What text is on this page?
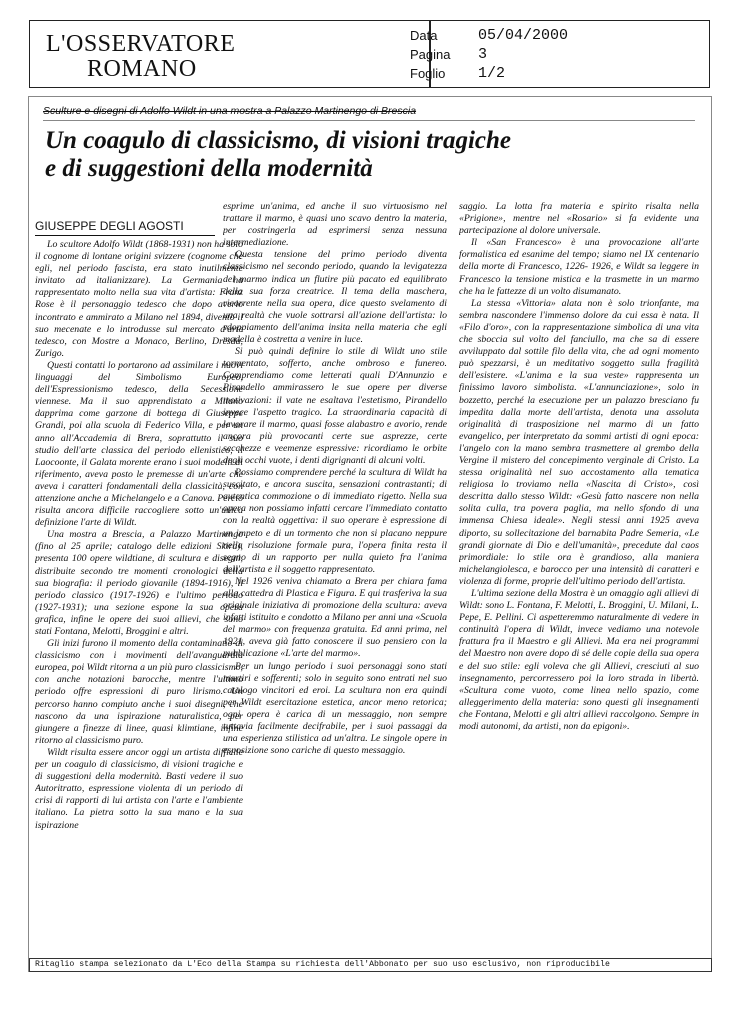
L'OSSERVATORE
ROMANO
Data	05/04/2000
Pagina 3
Foglio 1/2
Sculture e disegni di Adolfo Wildt in una mostra a Palazzo Martinengo di Brescia
Un coagulo di classicismo, di visioni tragiche
e di suggestioni della modernità
GIUSEPPE DEGLI AGOSTI

Lo scultore Adolfo Wildt (1868-1931) non ha solo il cognome di lontane origini svizzere (cognome che egli, nel periodo fascista, era stato inutilmente invitato ad italianizzare). La Germania ha rappresentato molto nella sua vita d'artista: Franz Rose è il personaggio tedesco che dopo averlo incontrato e ammirato a Milano nel 1894, diventò il suo mecenate e lo introdusse sul mercato d'arte tedesco, con Mostre a Monaco, Berlino, Dresda, Zurigo.

Questi contatti lo portarono ad assimilare i nuovi linguaggi del Simbolismo Europeo, dell'Espressionismo tedesco, della Secessione viennese. Ma il suo apprendistato a Milano dapprima come garzone di bottega di Giuseppe Grandi, poi alla scuola di Federico Villa, e per un anno all'Accademia di Brera, soprattutto il suo studio dell'arte classica del periodo ellenistico, il Laocoonte, il Galata morente erano i suoi modelli di riferimento, aveva posto le premesse di un'arte che aveva i caratteri fondamentali della classicità, con attenzione anche a Michelangelo e a Canova. Perciò risulta ancora difficile raccogliere sotto un'unica definizione l'arte di Wildt.

Una mostra a Brescia, a Palazzo Martinengo (fino al 25 aprile; catalogo delle edizioni Skira), presenta 100 opere wildtiane, di scultura e disegni, distribuite secondo tre momenti cronologici della sua biografia: il periodo giovanile (1894-1916), il periodo classico (1917-1926) e l'ultimo periodo (1927-1931); una sezione espone la sua opera grafica, infine le opere dei suoi allievi, che sono stati Fontana, Melotti, Broggini e altri.

Gli inizi furono il momento della contaminatio di classicismo con i movimenti dell'avanguardia europea, poi Wildt ritorna a un più puro classicismo, con anche notazioni barocche, mentre l'ultimo periodo offre espressioni di puro lirismo. Un percorso hanno compiuto anche i suoi disegni, che nascono da una ispirazione naturalistica, per giungere a finezze di linee, quasi klimtiane, infine ritorno al classicismo puro.

Wildt risulta essere ancor oggi un artista difficile per un coagulo di classicismo, di visioni tragiche e di suggestioni della modernità. Basti vedere il suo Autoritratto, espressione violenta di un periodo di crisi di rapporti di lui artista con l'arte e l'ambiente italiano. La pietra sotto la sua mano e la sua ispirazione

esprime un'anima, ed anche il suo virtuosismo nel trattare il marmo, è quasi uno scavo dentro la materia, per costringerla ad esprimersi senza nessuna intermediazione.

Questa tensione del primo periodo diventa classicismo nel secondo periodo, quando la levigatezza del marmo indica un flutire più pacato ed equilibrato della sua forza creatrice. Il tema della maschera, ricorrente nella sua opera, dice questo svelamento di una realtà che vuole sottrarsi all'azione dell'artista: lo sdoppiamento dell'anima insita nella materia che egli modella è costretta a venire in luce.

Si può quindi definire lo stile di Wildt uno stile tormentato, sofferto, anche ombroso e funereo. Comprendiamo come letterati quali D'Annunzio e Pirandello ammirassero le sue opere per diverse motivazioni: il vate ne esaltava l'estetismo, Pirandello invece l'aspetto tragico. La straordinaria capacità di lavorare il marmo, quasi fosse alabastro e avorio, rende ancora più provocanti certe sue asprezze, certe secchezze e veemenze espressive: ricordiamo le orbite degli occhi vuote, i denti digrignanti di alcuni volti.

Possiamo comprendere perché la scultura di Wildt ha suscitato, e ancora suscita, sensazioni contrastanti; di autentica commozione o di immediato rigetto. Nella sua opera non possiamo infatti cercare l'immediato contatto con la realtà oggettiva: il suo operare è espressione di un impeto e di un tormento che non si placano neppure nella risoluzione formale pura, l'opera finita resta il segno di un rapporto per nulla quieto fra l'anima dell'artista e il soggetto rappresentato.

Nel 1926 veniva chiamato a Brera per chiara fama alla cattedra di Plastica e Figura. E qui trasferiva la sua originale iniziativa di promozione della scultura: aveva infatti istituito e condotto a Milano per anni una «Scuola del marmo» con frequenza gratuita. Ed anni prima, nel 1921, aveva già fatto conoscere il suo pensiero con la pubblicazione «L'arte del marmo».

Per un lungo periodo i suoi personaggi sono stati martiri e sofferenti; solo in seguito sono entrati nel suo catalogo vincitori ed eroi. La scultura non era quindi per Wildt esercitazione estetica, ancor meno retorica; ogni opera è carica di un messaggio, non sempre tuttavia facilmente decifrabile, per i suoi passaggi da una esperienza stilistica ad un'altra. Le singole opere in esposizione sono cariche di questo messaggio.

saggio. La lotta fra materia e spirito risalta nella «Prigione», mentre nel «Rosario» si fa evidente una partecipazione al dolore universale.

Il «San Francesco» è una provocazione all'arte formalistica ed esanime del tempo; siamo nel IX centenario della morte di Francesco, 1226- 1926, e Wildt sa leggere in Francesco la tensione mistica e la trasmette in un marmo che ha le fattezze di un volto disumanato.

La stessa «Vittoria» alata non è solo trionfante, ma sembra nascondere l'immenso dolore da cui essa è nata. Il «Filo d'oro», con la rappresentazione simbolica di una vita che sboccia sul volto del fanciullo, ma che sa di essere avviluppato dal sottile filo della vita, che ad ogni momento può spezzarsi, è un meditativo soggetto sulla fragilità dell'esistere. «L'anima e la sua veste» rappresenta un finissimo lavoro simbolista. «L'annunciazione», solo in bozzetto, perché la esecuzione per un palazzo bresciano fu impedita dalla morte dell'artista, denota una assoluta originalità di trasposizione nel marmo di un fatto evangelico, per interpretato da sommi artisti di ogni epoca: l'angelo con la mano sembra trasmettere al grembo della Vergine il mistero del concepimento verginale di Cristo. La stessa originalità nel suo accostamento alla tematica religiosa lo troviamo nella «Nascita di Cristo», così descritta dallo stesso Wildt: «Gesù fatto nascere non nella solita culla, tra povera paglia, ma nello sfondo di una immensa Chiesa ideale». Negli stessi anni 1925 aveva diporto, su sollecitazione del barnabita Padre Semeria, «Le grandi giornate di Dio e dell'umanità», precedute dal caos primordiale: lo stile ora è grandioso, alla maniera michelangiolesca, e barocco per una intensità di caratteri e violenza di forme, proprie dell'ultimo periodo dell'artista.

L'ultima sezione della Mostra è un omaggio agli allievi di Wildt: sono L. Fontana, F. Melotti, L. Broggini, U. Milani, L. Pepe, E. Pellini. Ci aspetteremmo naturalmente di vedere in continuità l'opera di Wildt, invece vediamo una notevole frattura fra il Maestro e gli Allievi. Ma era nei programmi del Maestro non avere dopo di sé delle copie della sua opera e del suo stile: egli voleva che gli Allievi, cresciuti al suo insegnamento, percorressero poi la loro strada in libertà. «Scultura come vuoto, come linea nello spazio, come alleggerimento della materia: sono questi gli insegnamenti che Fontana, Melotti e gli altri allievi raccolgono. Sempre in modi autonomi, da artisti, non da epigoni».

Ritaglio stampa selezionato da L'Eco della Stampa su richiesta dell'Abbonato per suo uso esclusivo, non riproducibile
